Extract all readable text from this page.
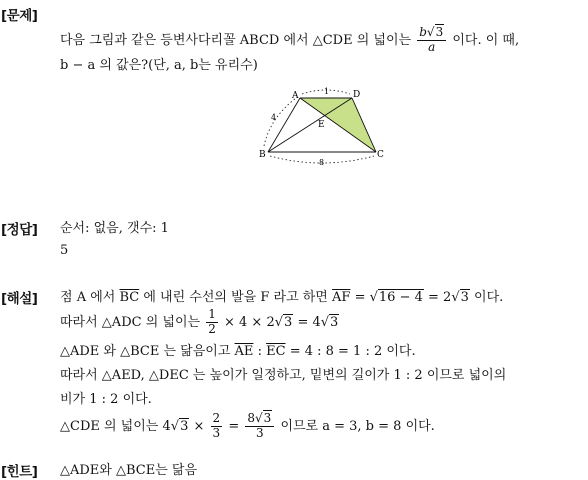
[문제]
다음 그림과 같은 등변사다리꼴 ABCD 에서 △CDE 의 넓이는 $\frac{b√3}{a}$ 이다. 이 때,
b − a 의 값은?(단, a, b는 유리수)
A	D
B	C
E
1
4
8
[정답] 순서: 없음, 갯수: 1
5
[해설] 점 A 에서 $\overline{BC}$ 에 내린 수선의 발을 F 라고 하면 $\overline{AF} = √16 - 4 = 2√3$ 이다.
따라서 △ADC 의 넓이는 $\frac{1}{2} \times 4 \times 2√3 = 4√3$
△ADE 와 △BCE 는 닮음이고 $\overline{AE}$ : $\overline{EC} = 4$ : 8 = 1 : 2 이다.
따라서 △AED, △DEC 는 높이가 일정하고, 밑변의 길이가 1 : 2 이므로 넓이의
비가 1 : 2 이다.
△CDE 의 넓이는 $4√3 \times \frac{2}{3} = \frac{8√3}{3}$ 이므로 a = 3, b = 8 이다.
[힌트] △ADE와 △BCE는 닮음
